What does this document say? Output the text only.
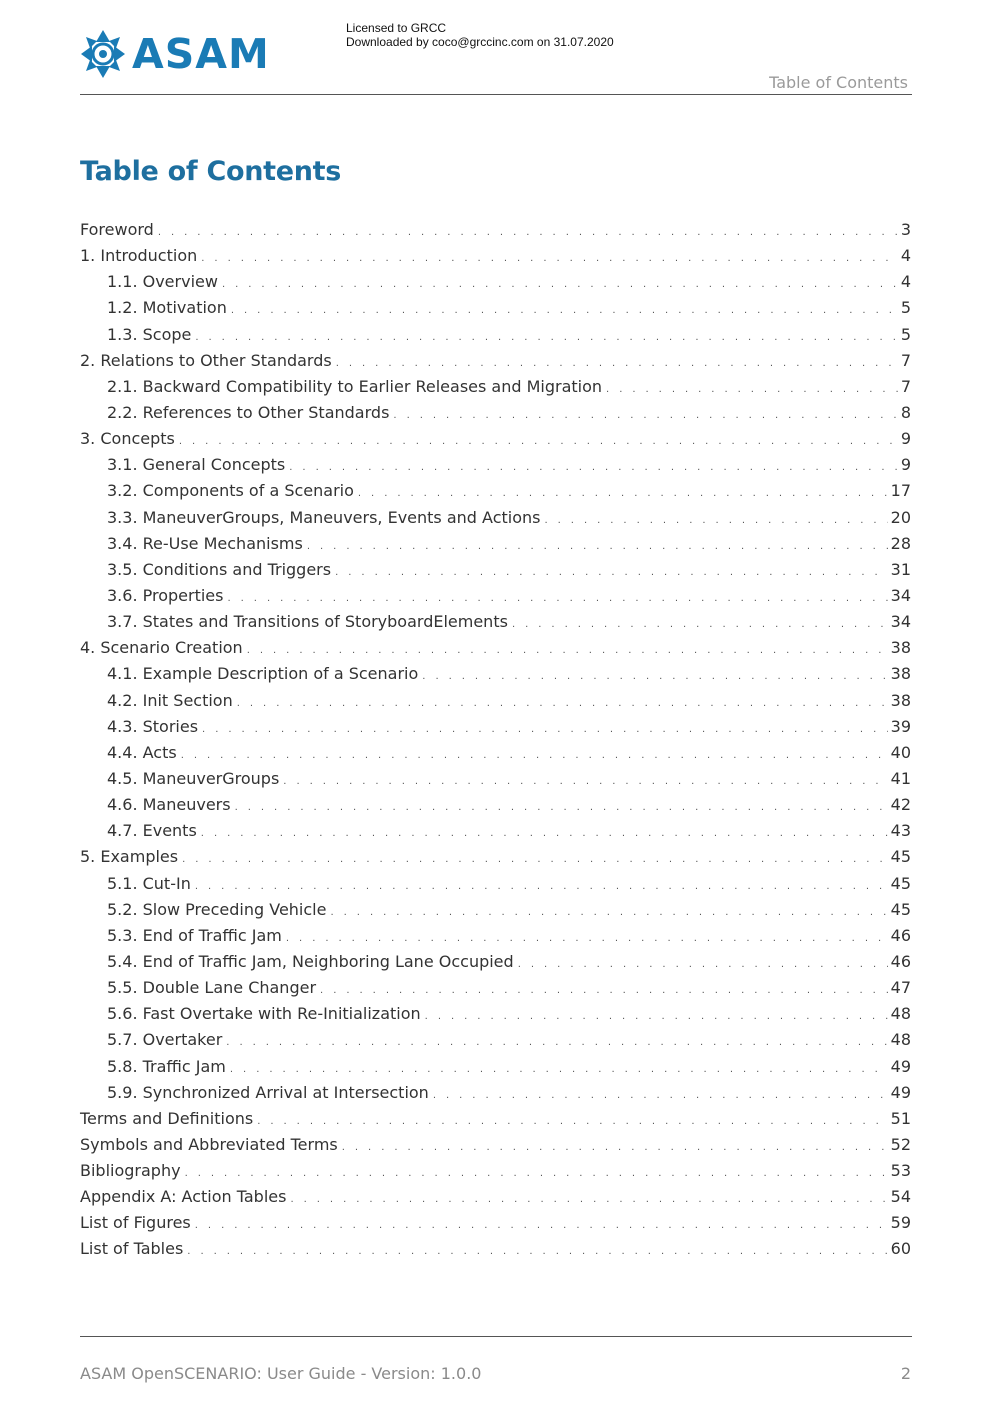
ASAM
Licensed to GRCC
Downloaded by coco@grccinc.com on 31.07.2020
Table of Contents
Table of Contents
Foreword . . .	3
1. Introduction . . .	4
1.1. Overview . . .	4
1.2. Motivation . . .	5
1.3. Scope . . .	5
2. Relations to Other Standards . . .	7
2.1. Backward Compatibility to Earlier Releases and Migration . . .	7
2.2. References to Other Standards . . .	8
3. Concepts . . .	9
3.1. General Concepts . . .	9
3.2. Components of a Scenario . . .	17
3.3. ManeuverGroups, Maneuvers, Events and Actions . . .	20
3.4. Re-Use Mechanisms . . .	28
3.5. Conditions and Triggers . . .	31
3.6. Properties . . .	34
3.7. States and Transitions of StoryboardElements . . .	34
4. Scenario Creation . . .	38
4.1. Example Description of a Scenario . . .	38
4.2. Init Section . . .	38
4.3. Stories . . .	39
4.4. Acts . . .	40
4.5. ManeuverGroups . . .	41
4.6. Maneuvers . . .	42
4.7. Events . . .	43
5. Examples . . .	45
5.1. Cut-In . . .	45
5.2. Slow Preceding Vehicle . . .	45
5.3. End of Traffic Jam . . .	46
5.4. End of Traffic Jam, Neighboring Lane Occupied . . .	46
5.5. Double Lane Changer . . .	47
5.6. Fast Overtake with Re-Initialization . . .	48
5.7. Overtaker . . .	48
5.8. Traffic Jam . . .	49
5.9. Synchronized Arrival at Intersection . . .	49
Terms and Definitions . . .	51
Symbols and Abbreviated Terms . . .	52
Bibliography . . .	53
Appendix A: Action Tables . . .	54
List of Figures . . .	59
List of Tables . . .	60
ASAM OpenSCENARIO: User Guide - Version: 1.0.0	2
